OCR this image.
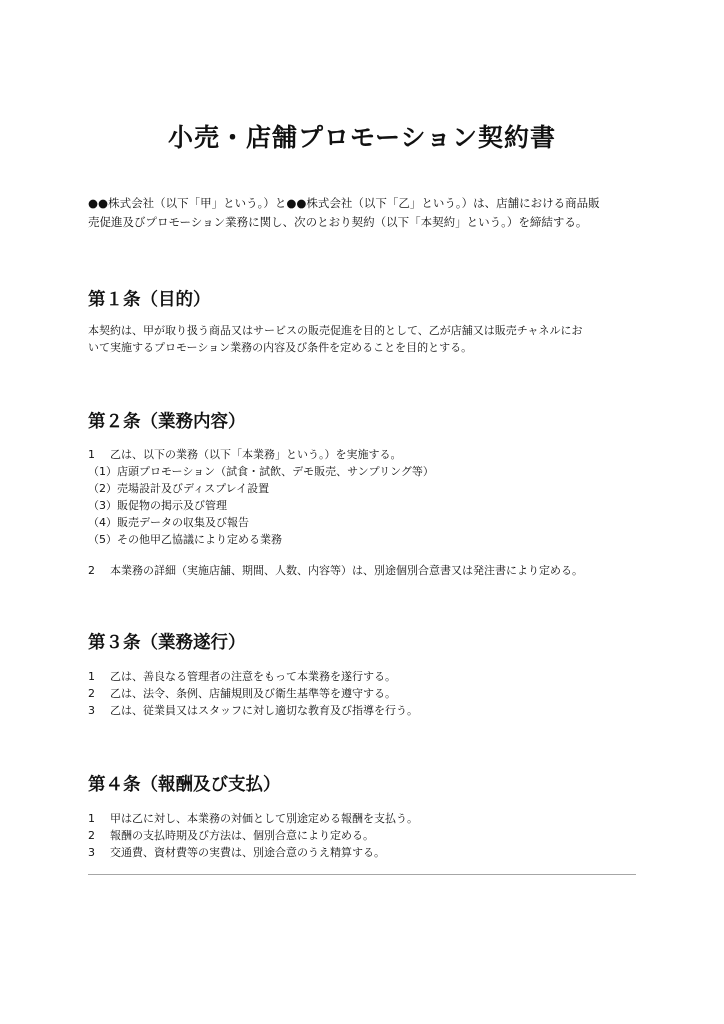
小売・店舗プロモーション契約書

●●株式会社（以下「甲」という。）と●●株式会社（以下「乙」という。）は、店舗における商品販

売促進及びプロモーション業務に関し、次のとおり契約（以下「本契約」という。）を締結する。

第１条（目的）

本契約は、甲が取り扱う商品又はサービスの販売促進を目的として、乙が店舗又は販売チャネルにお

いて実施するプロモーション業務の内容及び条件を定めることを目的とする。

第２条（業務内容）
1	乙は、以下の業務（以下「本業務」という。）を実施する。

（1）店頭プロモーション（試食・試飲、デモ販売、サンプリング等）

（2）売場設計及びディスプレイ設置

（3）販促物の掲示及び管理

（4）販売データの収集及び報告

（5）その他甲乙協議により定める業務

2	本業務の詳細（実施店舗、期間、人数、内容等）は、別途個別合意書又は発注書により定める。
第３条（業務遂行）
1	乙は、善良なる管理者の注意をもって本業務を遂行する。
2	乙は、法令、条例、店舗規則及び衛生基準等を遵守する。
3	乙は、従業員又はスタッフに対し適切な教育及び指導を行う。
第４条（報酬及び支払）
1	甲は乙に対し、本業務の対価として別途定める報酬を支払う。
2	報酬の支払時期及び方法は、個別合意により定める。
3	交通費、資材費等の実費は、別途合意のうえ精算する。
